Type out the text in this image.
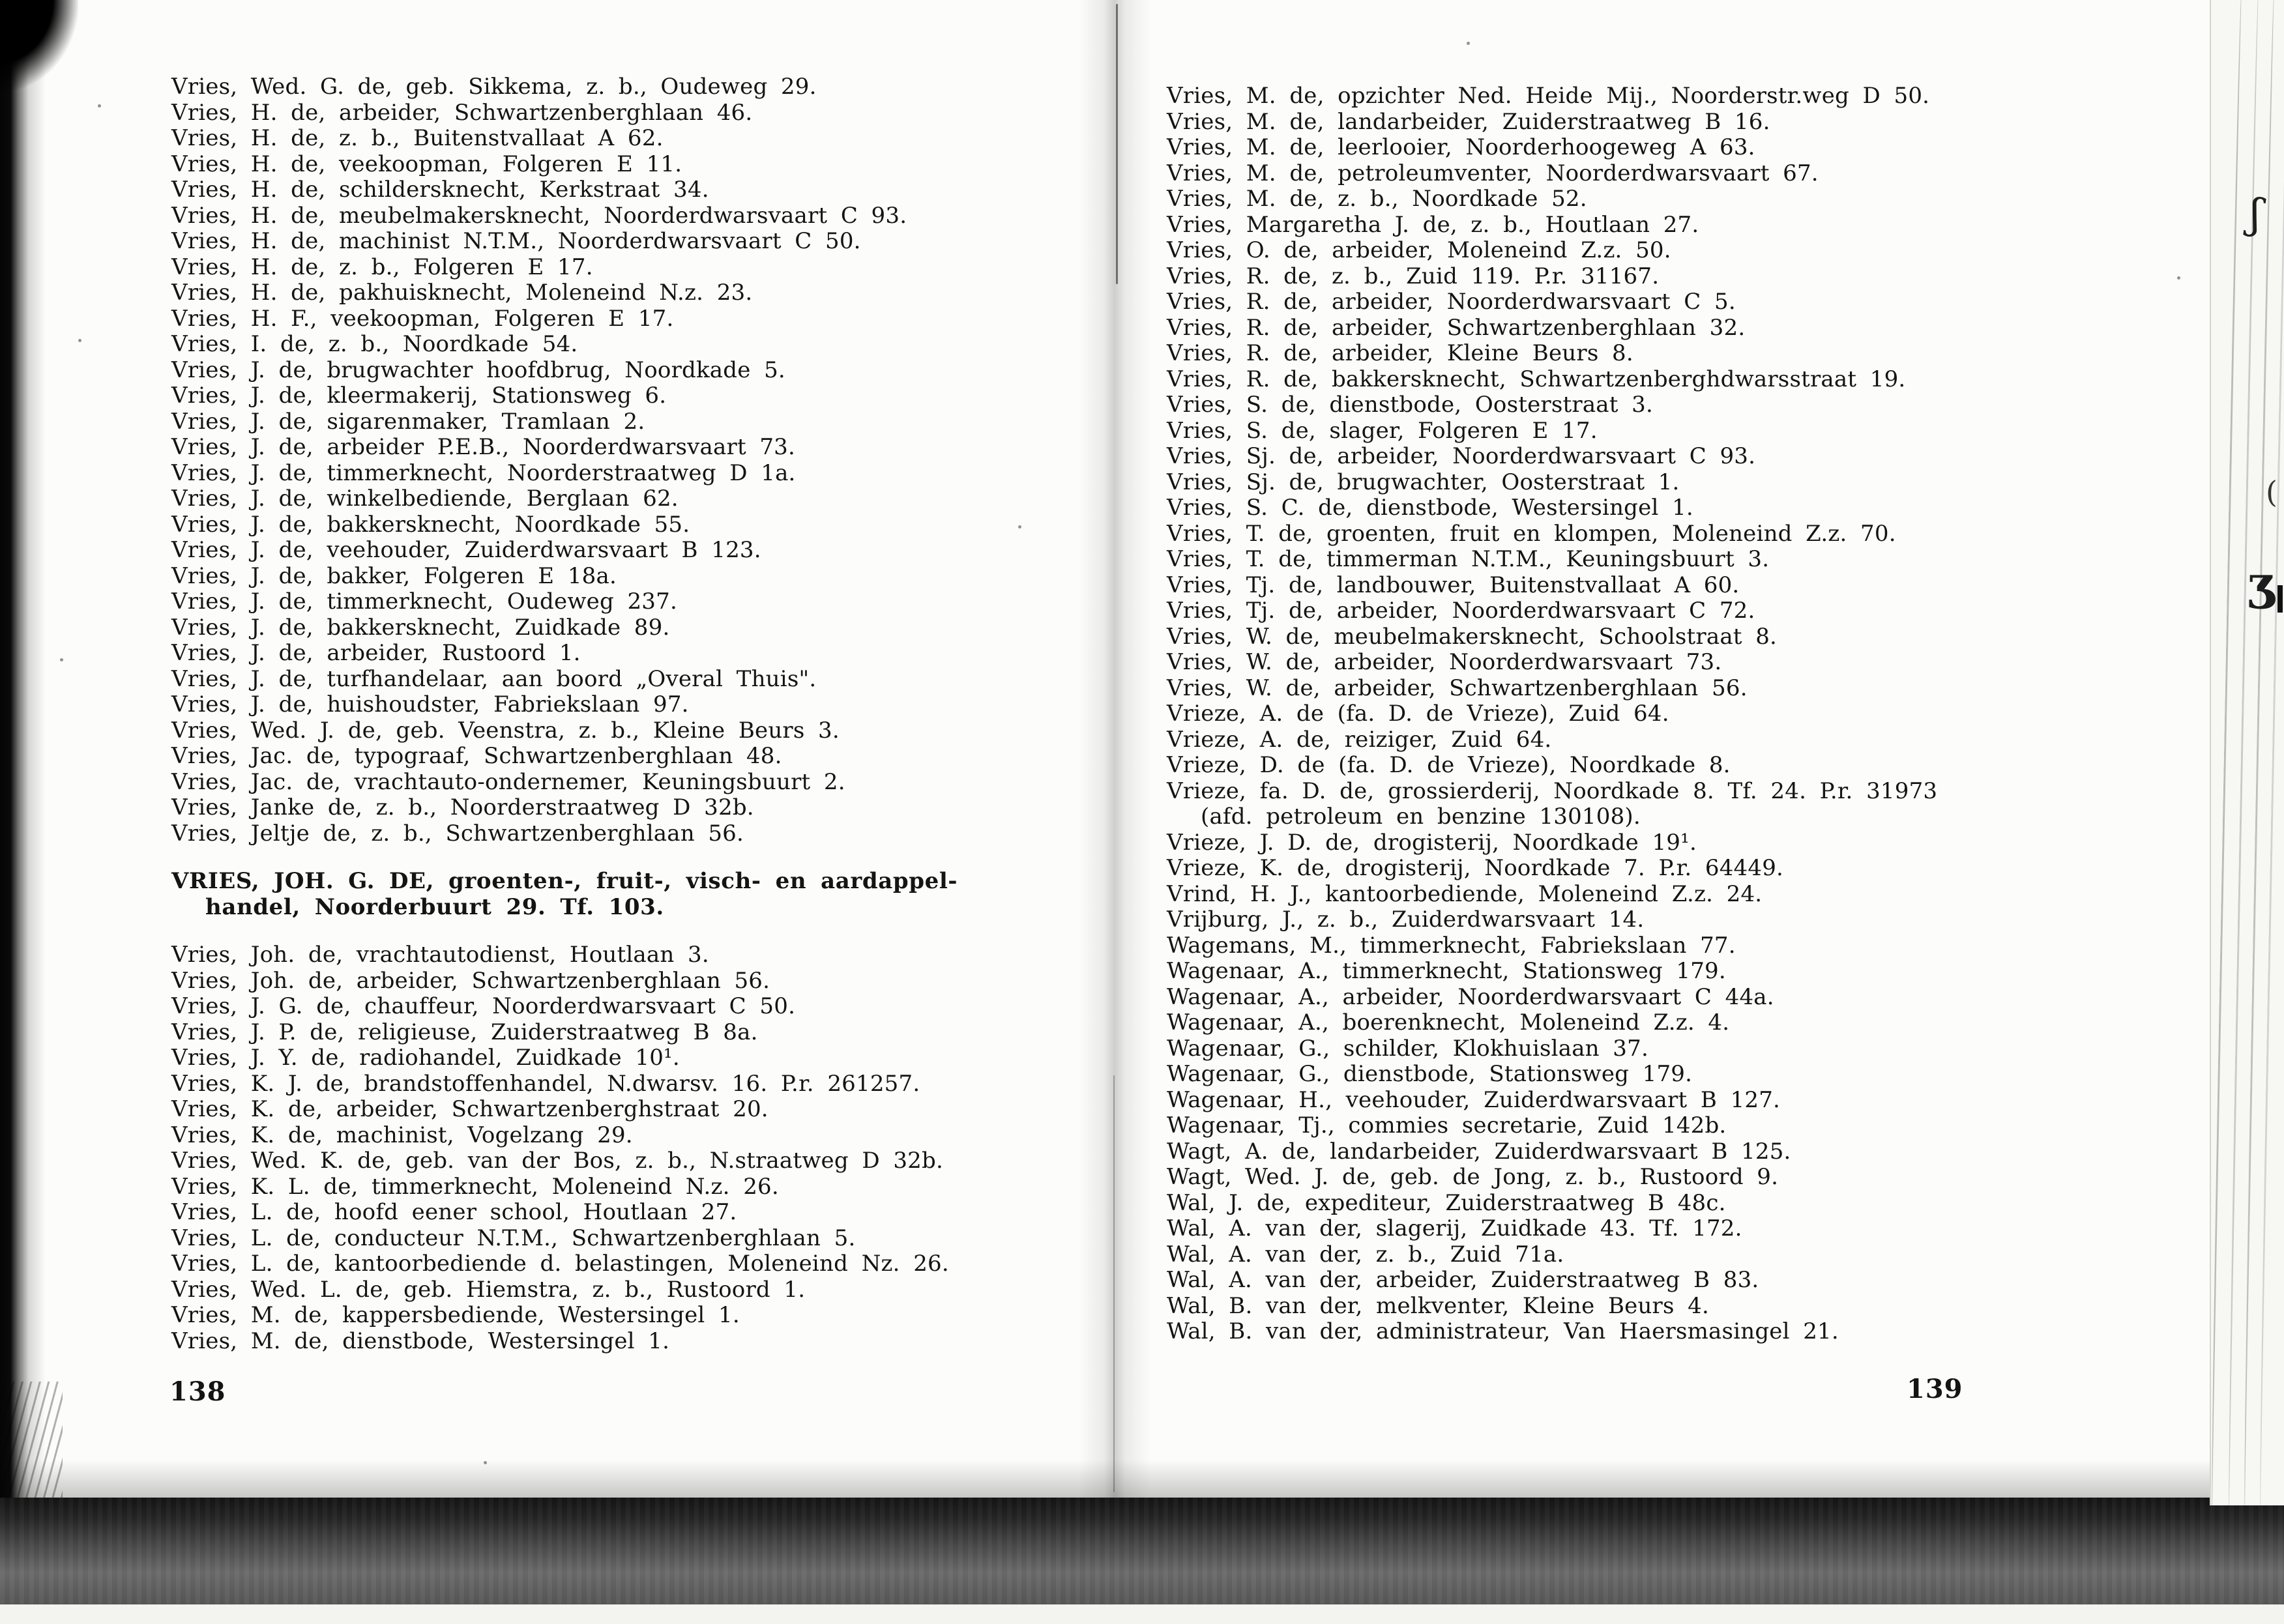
Vries, Wed. G. de, geb. Sikkema, z. b., Oudeweg 29.
Vries, H. de, arbeider, Schwartzenberghlaan 46.
Vries, H. de, z. b., Buitenstvallaat A 62.
Vries, H. de, veekoopman, Folgeren E 11.
Vries, H. de, schildersknecht, Kerkstraat 34.
Vries, H. de, meubelmakersknecht, Noorderdwarsvaart C 93.
Vries, H. de, machinist N.T.M., Noorderdwarsvaart C 50.
Vries, H. de, z. b., Folgeren E 17.
Vries, H. de, pakhuisknecht, Moleneind N.z. 23.
Vries, H. F., veekoopman, Folgeren E 17.
Vries, I. de, z. b., Noordkade 54.
Vries, J. de, brugwachter hoofdbrug, Noordkade 5.
Vries, J. de, kleermakerij, Stationsweg 6.
Vries, J. de, sigarenmaker, Tramlaan 2.
Vries, J. de, arbeider P.E.B., Noorderdwarsvaart 73.
Vries, J. de, timmerknecht, Noorderstraatweg D 1a.
Vries, J. de, winkelbediende, Berglaan 62.
Vries, J. de, bakkersknecht, Noordkade 55.
Vries, J. de, veehouder, Zuiderdwarsvaart B 123.
Vries, J. de, bakker, Folgeren E 18a.
Vries, J. de, timmerknecht, Oudeweg 237.
Vries, J. de, bakkersknecht, Zuidkade 89.
Vries, J. de, arbeider, Rustoord 1.
Vries, J. de, turfhandelaar, aan boord „Overal Thuis".
Vries, J. de, huishoudster, Fabriekslaan 97.
Vries, Wed. J. de, geb. Veenstra, z. b., Kleine Beurs 3.
Vries, Jac. de, typograaf, Schwartzenberghlaan 48.
Vries, Jac. de, vrachtauto-ondernemer, Keuningsbuurt 2.
Vries, Janke de, z. b., Noorderstraatweg D 32b.
Vries, Jeltje de, z. b., Schwartzenberghlaan 56.
VRIES, JOH. G. DE, groenten-, fruit-, visch- en aardappel-
handel, Noorderbuurt 29. Tf. 103.
Vries, Joh. de, vrachtautodienst, Houtlaan 3.
Vries, Joh. de, arbeider, Schwartzenberghlaan 56.
Vries, J. G. de, chauffeur, Noorderdwarsvaart C 50.
Vries, J. P. de, religieuse, Zuiderstraatweg B 8a.
Vries, J. Y. de, radiohandel, Zuidkade 10¹.
Vries, K. J. de, brandstoffenhandel, N.dwarsv. 16. P.r. 261257.
Vries, K. de, arbeider, Schwartzenberghstraat 20.
Vries, K. de, machinist, Vogelzang 29.
Vries, Wed. K. de, geb. van der Bos, z. b., N.straatweg D 32b.
Vries, K. L. de, timmerknecht, Moleneind N.z. 26.
Vries, L. de, hoofd eener school, Houtlaan 27.
Vries, L. de, conducteur N.T.M., Schwartzenberghlaan 5.
Vries, L. de, kantoorbediende d. belastingen, Moleneind Nz. 26.
Vries, Wed. L. de, geb. Hiemstra, z. b., Rustoord 1.
Vries, M. de, kappersbediende, Westersingel 1.
Vries, M. de, dienstbode, Westersingel 1.
Vries, M. de, opzichter Ned. Heide Mij., Noorderstr.weg D 50.
Vries, M. de, landarbeider, Zuiderstraatweg B 16.
Vries, M. de, leerlooier, Noorderhoogeweg A 63.
Vries, M. de, petroleumventer, Noorderdwarsvaart 67.
Vries, M. de, z. b., Noordkade 52.
Vries, Margaretha J. de, z. b., Houtlaan 27.
Vries, O. de, arbeider, Moleneind Z.z. 50.
Vries, R. de, z. b., Zuid 119. P.r. 31167.
Vries, R. de, arbeider, Noorderdwarsvaart C 5.
Vries, R. de, arbeider, Schwartzenberghlaan 32.
Vries, R. de, arbeider, Kleine Beurs 8.
Vries, R. de, bakkersknecht, Schwartzenberghdwarsstraat 19.
Vries, S. de, dienstbode, Oosterstraat 3.
Vries, S. de, slager, Folgeren E 17.
Vries, Sj. de, arbeider, Noorderdwarsvaart C 93.
Vries, Sj. de, brugwachter, Oosterstraat 1.
Vries, S. C. de, dienstbode, Westersingel 1.
Vries, T. de, groenten, fruit en klompen, Moleneind Z.z. 70.
Vries, T. de, timmerman N.T.M., Keuningsbuurt 3.
Vries, Tj. de, landbouwer, Buitenstvallaat A 60.
Vries, Tj. de, arbeider, Noorderdwarsvaart C 72.
Vries, W. de, meubelmakersknecht, Schoolstraat 8.
Vries, W. de, arbeider, Noorderdwarsvaart 73.
Vries, W. de, arbeider, Schwartzenberghlaan 56.
Vrieze, A. de (fa. D. de Vrieze), Zuid 64.
Vrieze, A. de, reiziger, Zuid 64.
Vrieze, D. de (fa. D. de Vrieze), Noordkade 8.
Vrieze, fa. D. de, grossierderij, Noordkade 8. Tf. 24. P.r. 31973
(afd. petroleum en benzine 130108).
Vrieze, J. D. de, drogisterij, Noordkade 19¹.
Vrieze, K. de, drogisterij, Noordkade 7. P.r. 64449.
Vrind, H. J., kantoorbediende, Moleneind Z.z. 24.
Vrijburg, J., z. b., Zuiderdwarsvaart 14.
Wagemans, M., timmerknecht, Fabriekslaan 77.
Wagenaar, A., timmerknecht, Stationsweg 179.
Wagenaar, A., arbeider, Noorderdwarsvaart C 44a.
Wagenaar, A., boerenknecht, Moleneind Z.z. 4.
Wagenaar, G., schilder, Klokhuislaan 37.
Wagenaar, G., dienstbode, Stationsweg 179.
Wagenaar, H., veehouder, Zuiderdwarsvaart B 127.
Wagenaar, Tj., commies secretarie, Zuid 142b.
Wagt, A. de, landarbeider, Zuiderdwarsvaart B 125.
Wagt, Wed. J. de, geb. de Jong, z. b., Rustoord 9.
Wal, J. de, expediteur, Zuiderstraatweg B 48c.
Wal, A. van der, slagerij, Zuidkade 43. Tf. 172.
Wal, A. van der, z. b., Zuid 71a.
Wal, A. van der, arbeider, Zuiderstraatweg B 83.
Wal, B. van der, melkventer, Kleine Beurs 4.
Wal, B. van der, administrateur, Van Haersmasingel 21.
138	139
ʃ
(
ʒ
